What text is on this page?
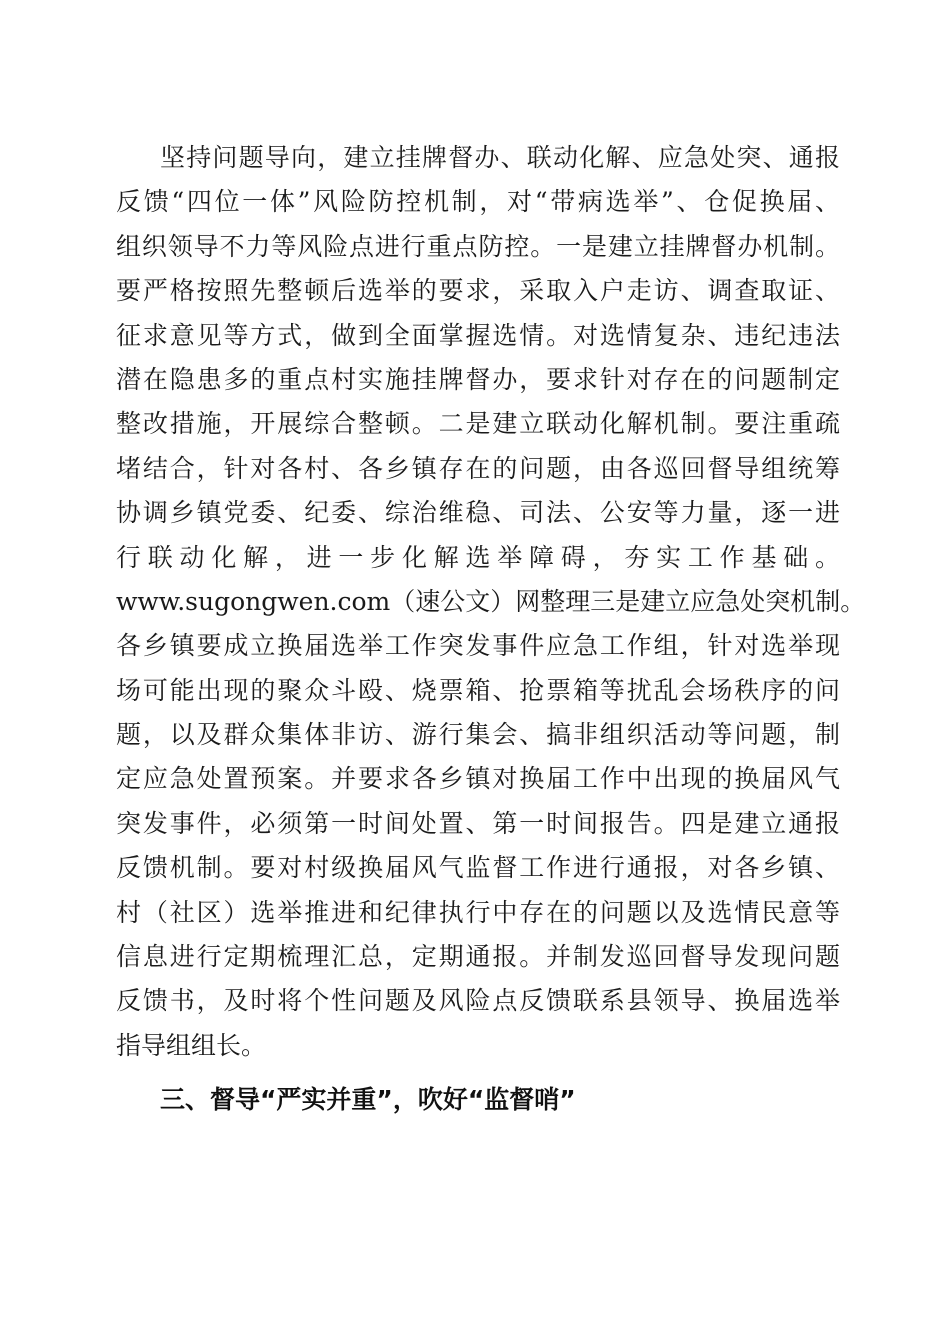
坚持问题导向，建立挂牌督办、联动化解、应急处突、通报
反馈“四位一体”风险防控机制，对“带病选举”、仓促换届、
组织领导不力等风险点进行重点防控。一是建立挂牌督办机制。
要严格按照先整顿后选举的要求，采取入户走访、调查取证、
征求意见等方式，做到全面掌握选情。对选情复杂、违纪违法
潜在隐患多的重点村实施挂牌督办，要求针对存在的问题制定
整改措施，开展综合整顿。二是建立联动化解机制。要注重疏
堵结合，针对各村、各乡镇存在的问题，由各巡回督导组统筹
协调乡镇党委、纪委、综治维稳、司法、公安等力量，逐一进
行联动化解，进一步化解选举障碍，夯实工作基础。
www.sugongwen.com（速公文）网整理三是建立应急处突机制。
各乡镇要成立换届选举工作突发事件应急工作组，针对选举现
场可能出现的聚众斗殴、烧票箱、抢票箱等扰乱会场秩序的问
题，以及群众集体非访、游行集会、搞非组织活动等问题，制
定应急处置预案。并要求各乡镇对换届工作中出现的换届风气
突发事件，必须第一时间处置、第一时间报告。四是建立通报
反馈机制。要对村级换届风气监督工作进行通报，对各乡镇、
村（社区）选举推进和纪律执行中存在的问题以及选情民意等
信息进行定期梳理汇总，定期通报。并制发巡回督导发现问题
反馈书，及时将个性问题及风险点反馈联系县领导、换届选举
指导组组长。
三、督导“严实并重”，吹好“监督哨”
